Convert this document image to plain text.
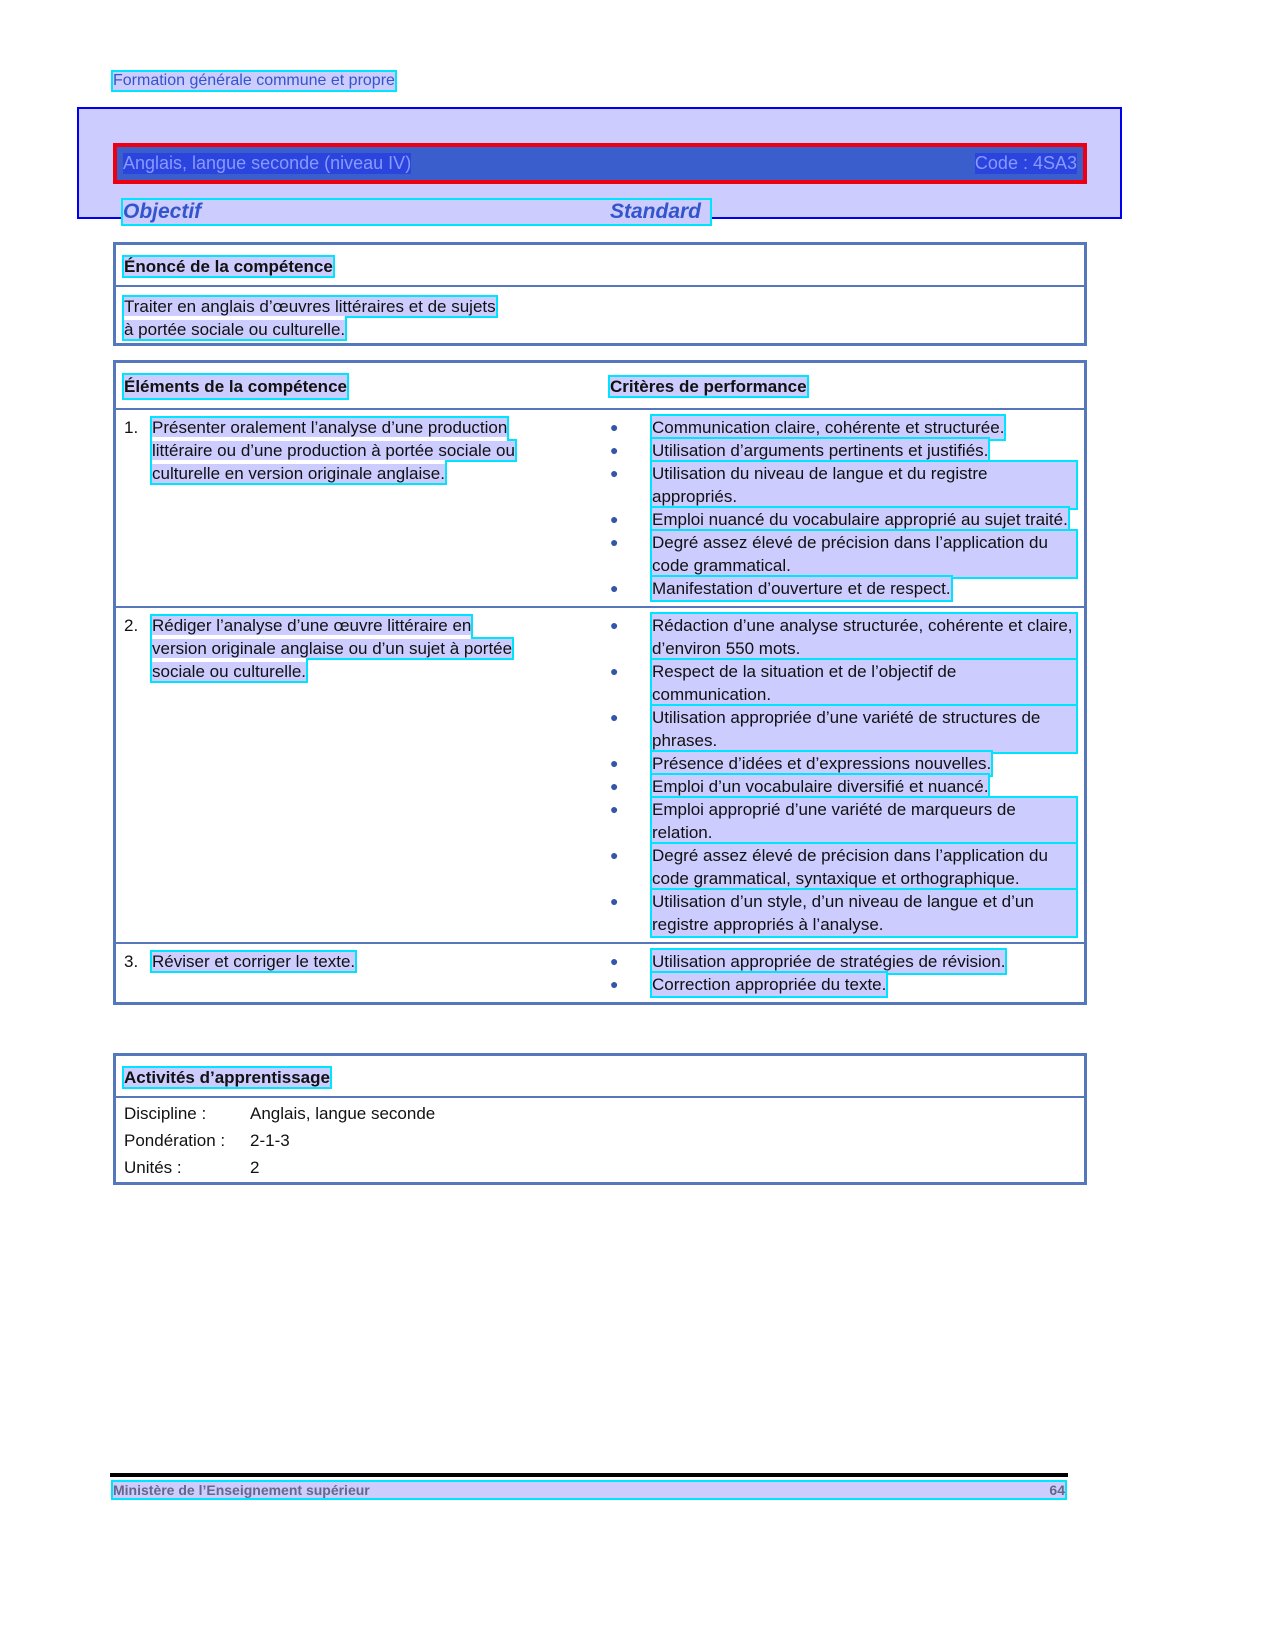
Formation générale commune et propre
Anglais, langue seconde (niveau IV)	Code : 4SA3
Objectif	Standard
Énoncé de la compétence
Traiter en anglais d’œuvres littéraires et de sujets à portée sociale ou culturelle.
Éléments de la compétence	Critères de performance
1. Présenter oralement l’analyse d’une production littéraire ou d’une production à portée sociale ou culturelle en version originale anglaise.
●	Communication claire, cohérente et structurée.
●	Utilisation d’arguments pertinents et justifiés.
●	Utilisation du niveau de langue et du registre appropriés.
●	Emploi nuancé du vocabulaire approprié au sujet traité.
●	Degré assez élevé de précision dans l’application du code grammatical.
●	Manifestation d’ouverture et de respect.
2. Rédiger l’analyse d’une œuvre littéraire en version originale anglaise ou d’un sujet à portée sociale ou culturelle.
●	Rédaction d’une analyse structurée, cohérente et claire, d’environ 550 mots.
●	Respect de la situation et de l’objectif de communication.
●	Utilisation appropriée d’une variété de structures de phrases.
●	Présence d’idées et d’expressions nouvelles.
●	Emploi d’un vocabulaire diversifié et nuancé.
●	Emploi approprié d’une variété de marqueurs de relation.
●	Degré assez élevé de précision dans l’application du code grammatical, syntaxique et orthographique.
●	Utilisation d’un style, d’un niveau de langue et d’un registre appropriés à l’analyse.
3. Réviser et corriger le texte.	●	Utilisation appropriée de stratégies de révision.
●	Correction appropriée du texte.
Activités d’apprentissage
Discipline :	Anglais, langue seconde
Pondération :	2-1-3
Unités :	2
Ministère de l’Enseignement supérieur	64
